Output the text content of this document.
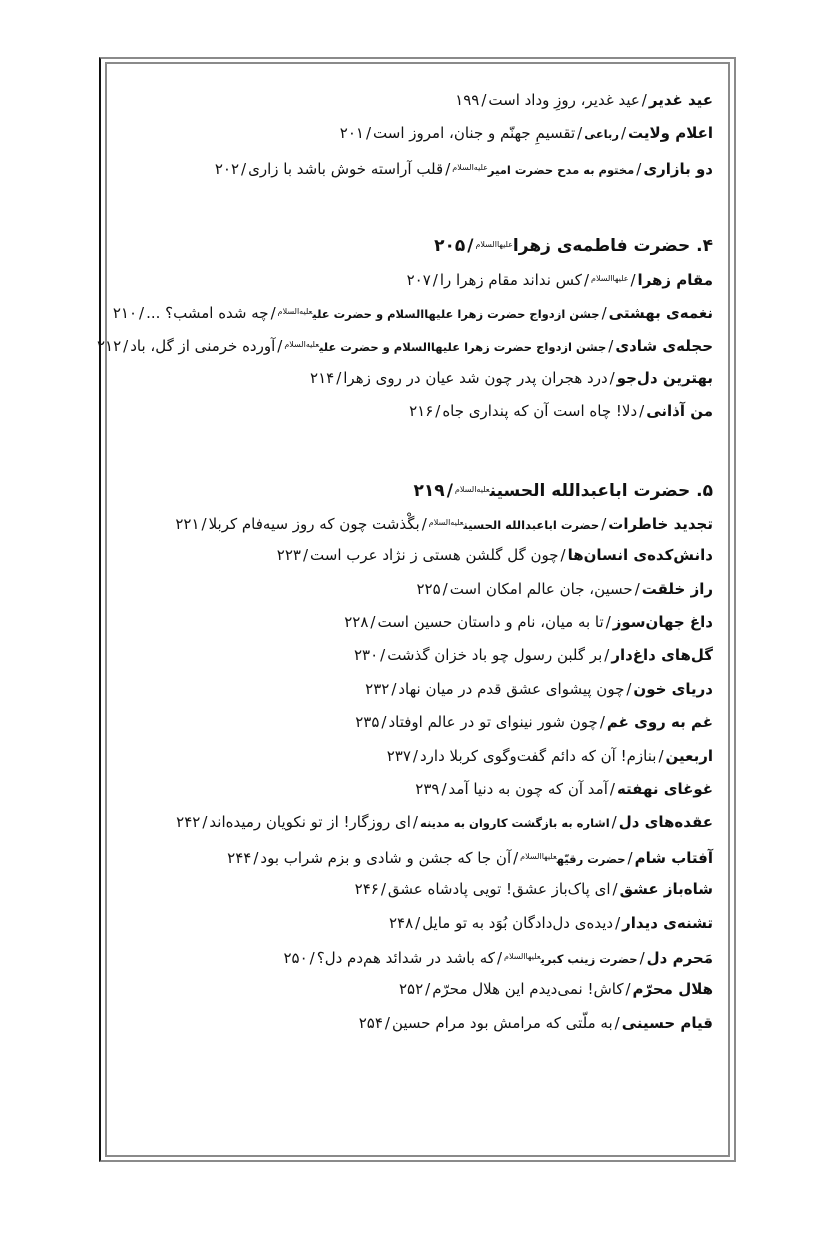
عید غدیر/عید غدیر، روزِ وداد است/۱۹۹
اعلام ولایت/رباعی/تقسیمِ جهنّم و جنان، امروز است/۲۰۱
دو بازاری/مختوم به مدح حضرت امیر$^{علیه‌السلام}$/قلب آراسته خوش باشد با زاری/۲۰۲
۴. حضرت فاطمه‌ی زهرا$^{علیهاالسلام}$/۲۰۵
مقام زهرا/$^{علیهاالسلام}$/کس نداند مقام زهرا را/۲۰۷
نغمه‌ی بهشتی/جشن ازدواج حضرت زهرا علیهاالسلام و حضرت علی$^{علیه‌السلام}$/چه شده امشب؟ .../۲۱۰
حجله‌ی شادی/جشن ازدواج حضرت زهرا علیهاالسلام و حضرت علی$^{علیه‌السلام}$/آورده خرمنی از گل، باد/۲۱۲
بهترین دل‌جو/درد هجران پدر چون شد عیان در روی زهرا/۲۱۴
من آذانی/دلا! چاه است آن که پنداری جاه/۲۱۶
۵. حضرت اباعبدالله الحسین$^{علیه‌السلام}$/۲۱۹
تجدید خاطرات/حضرت اباعبدالله الحسین$^{علیه‌السلام}$/بگْذشت چون که روز سیه‌فام کربلا/۲۲۱
دانش‌کده‌ی انسان‌ها/چون گل گلشن هستی ز نژاد عرب است/۲۲۳
راز خلقت/حسین، جان عالم امکان است/۲۲۵
داغ جهان‌سوز/تا به میان، نام و داستان حسین است/۲۲۸
گل‌های داغ‌دار/بر گلبن رسول چو باد خزان گذشت/۲۳۰
دریای خون/چون پیشوای عشق قدم در میان نهاد/۲۳۲
غم به روی غم/چون شور نینوای تو در عالم اوفتاد/۲۳۵
اربعین/بنازم! آن که دائم گفت‌وگوی کربلا دارد/۲۳۷
غوغای نهفته/آمد آن که چون به دنیا آمد/۲۳۹
عقده‌های دل/اشاره به بازگشت کاروان به مدینه/ای روزگار! از تو نکویان رمیده‌اند/۲۴۲
آفتاب شام/حضرت رقیّه$^{علیهاالسلام}$/آن جا که جشن و شادی و بزم شراب بود/۲۴۴
شاه‌باز عشق/ای پاک‌باز عشق! تویی پادشاه عشق/۲۴۶
تشنه‌ی دیدار/دیده‌ی دل‌دادگان بُوَد به تو مایل/۲۴۸
مَحرم دل/حضرت زینب کبری$^{علیهاالسلام}$/که باشد در شدائد هم‌دم دل؟/۲۵۰
هلال محرّم/کاش! نمی‌دیدم این هلال محرّم/۲۵۲
قیام حسینی/به ملّتی که مرامش بود مرام حسین/۲۵۴
